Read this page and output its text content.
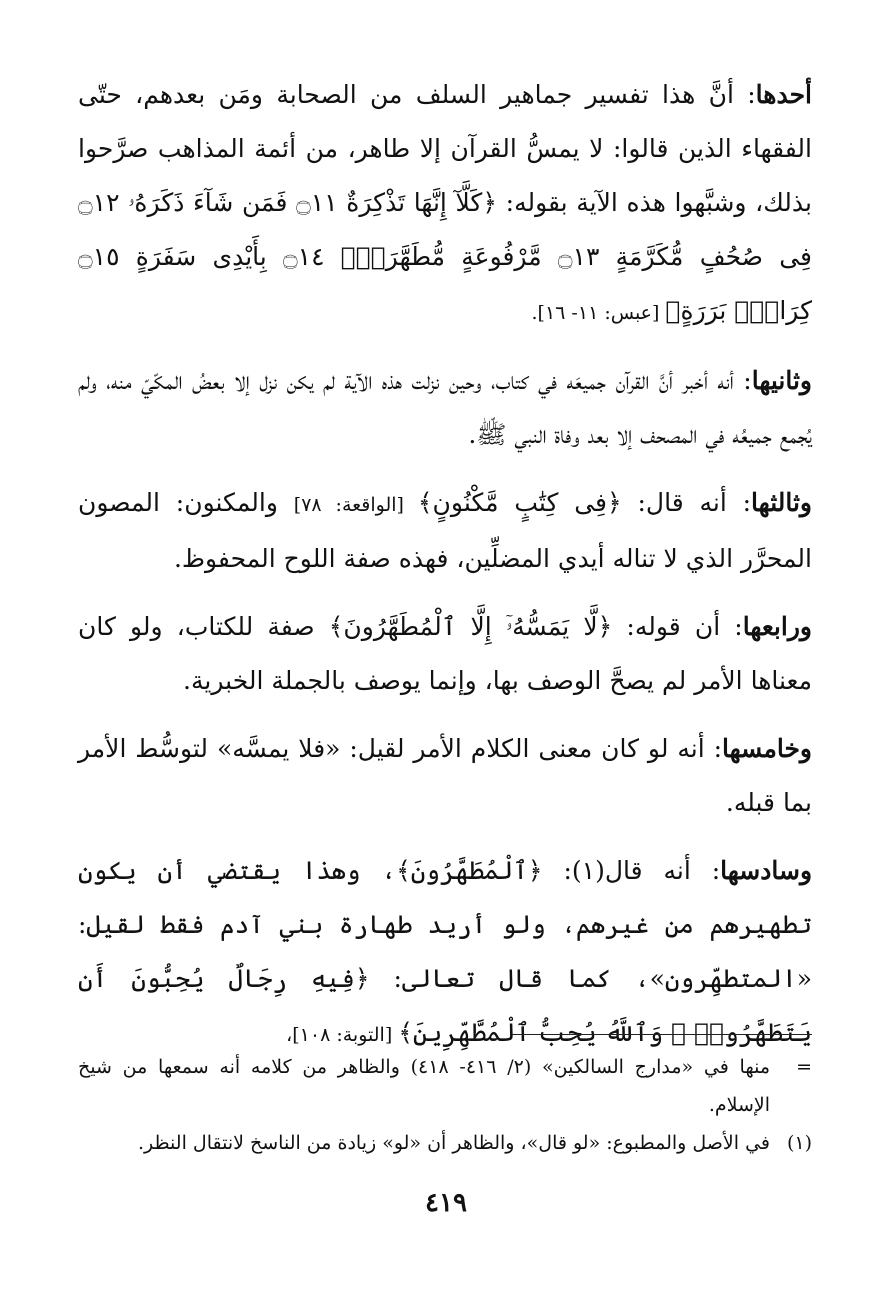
أحدها: أنَّ هذا تفسير جماهير السلف من الصحابة ومَن بعدهم، حتّى الفقهاء الذين قالوا: لا يمسُّ القرآن إلا طاهر، من أئمة المذاهب صرَّحوا بذلك، وشبَّهوا هذه الآية بقوله: ﴿كَلَّآ إِنَّهَا تَذْكِرَةٌ ۝١١ فَمَن شَآءَ ذَكَرَهُۥ ۝١٢ فِى صُحُفٍ مُّكَرَّمَةٍ ۝١٣ مَّرْفُوعَةٍ مُّطَهَّرَةٍۭ ۝١٤ بِأَيْدِى سَفَرَةٍ ۝١٥ كِرَامٍۭ بَرَرَةٍ﴾ [عبس: ١١- ١٦].

وثانيها: أنه أخبر أنَّ القرآن جميعَه في كتاب، وحين نزلت هذه الآية لم يكن نزل إلا بعضُ المكّيّ منه، ولم يُجمع جميعُه في المصحف إلا بعد وفاة النبي ﷺ.

وثالثها: أنه قال: ﴿فِى كِتَٰبٍ مَّكْنُونٍ﴾ [الواقعة: ٧٨] والمكنون: المصون المحرَّر الذي لا تناله أيدي المضلِّين، فهذه صفة اللوح المحفوظ.

ورابعها: أن قوله: ﴿لَّا يَمَسُّهُۥٓ إِلَّا ٱلْمُطَهَّرُونَ﴾ صفة للكتاب، ولو كان معناها الأمر لم يصحَّ الوصف بها، وإنما يوصف بالجملة الخبرية.

وخامسها: أنه لو كان معنى الكلام الأمر لقيل: «فلا يمسَّه» لتوسُّط الأمر بما قبله.

وسادسها: أنه قال(١): ﴿ٱلْمُطَهَّرُونَ﴾، وهذا يقتضي أن يكون تطهيرهم من غيرهم، ولو أريد طهارة بني آدم فقط لقيل: «المتطهِّرون»، كما قال تعالى: ﴿فِيهِ رِجَالٌ يُحِبُّونَ أَن يَتَطَهَّرُوا۟ ۚ وَٱللَّهُ يُحِبُّ ٱلْمُطَّهِّرِينَ﴾ [التوبة: ١٠٨]،

=
منها في «مدارج السالكين» (٢/ ٤١٦- ٤١٨) والظاهر من كلامه أنه سمعها من شيخ الإسلام.
(١)
في الأصل والمطبوع: «لو قال»، والظاهر أن «لو» زيادة من الناسخ لانتقال النظر.
٤١٩
